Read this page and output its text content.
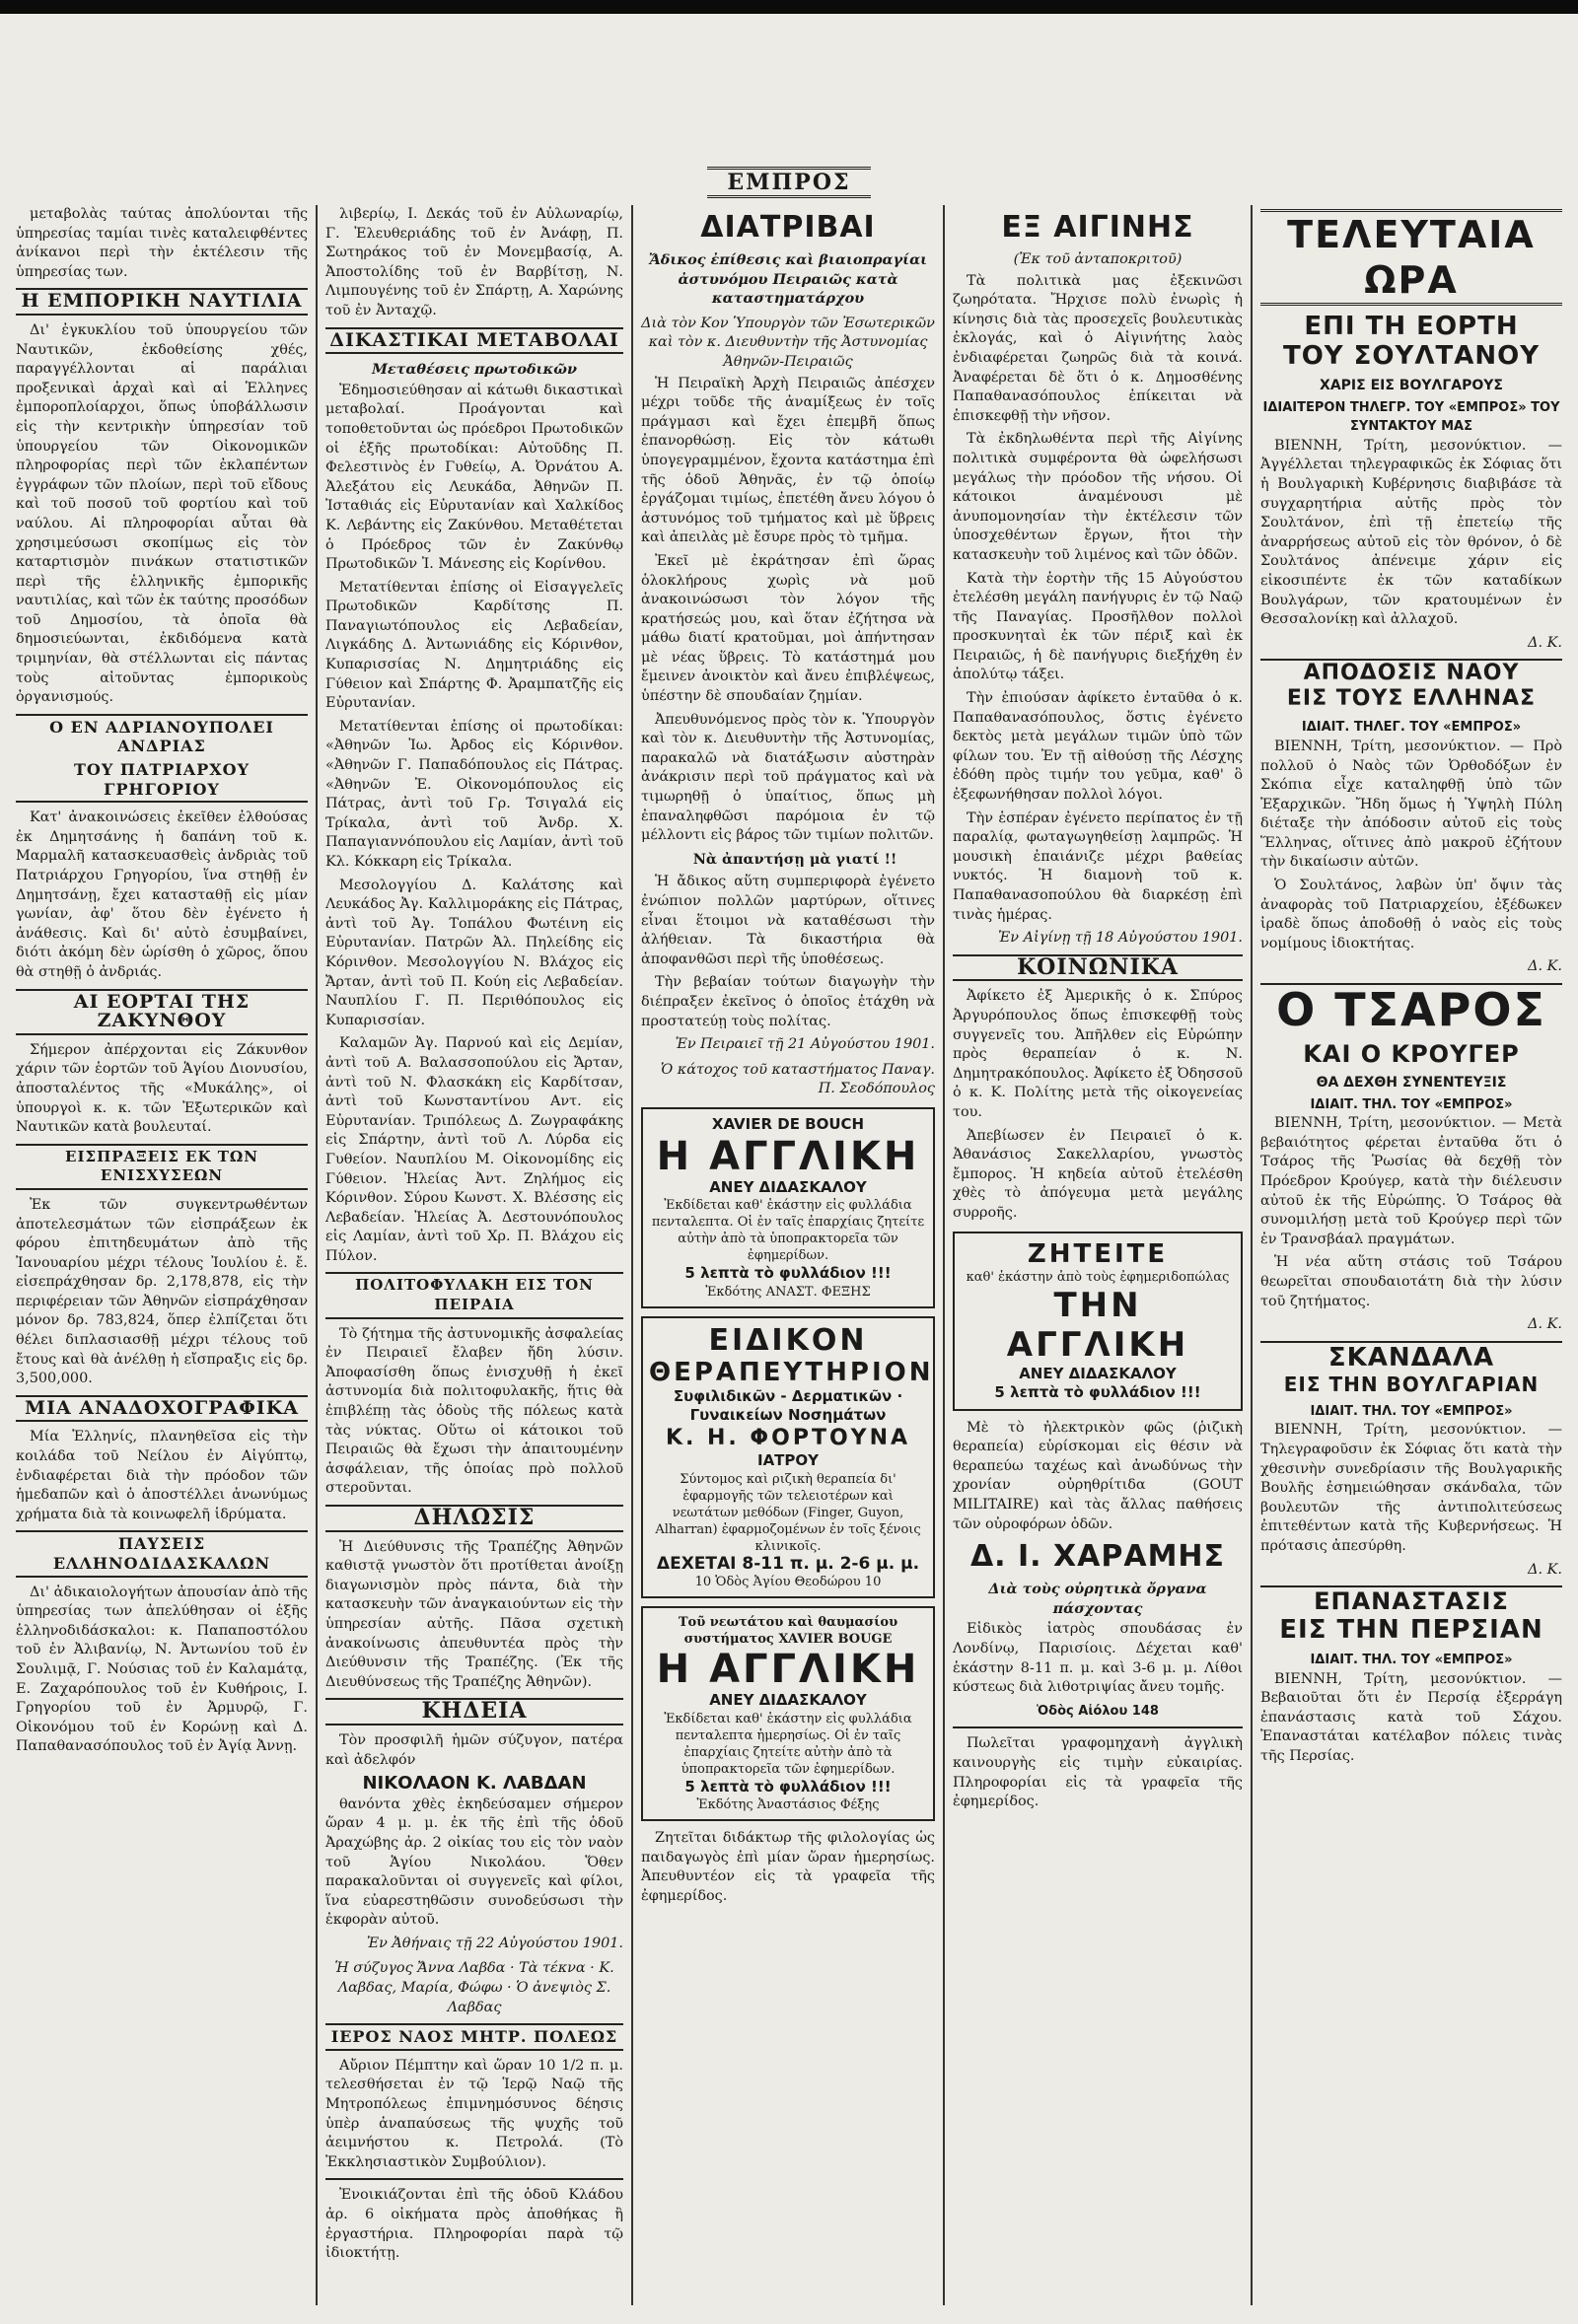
ΕΜΠΡΟΣ

μεταβολὰς ταύτας ἀπολύονται τῆς ὑπηρεσίας ταμίαι τινὲς καταλειφθέντες ἀνίκανοι περὶ τὴν ἐκτέλεσιν τῆς ὑπηρεσίας των.

Η ΕΜΠΟΡΙΚΗ ΝΑΥΤΙΛΙΑ

Δι' ἐγκυκλίου τοῦ ὑπουργείου τῶν Ναυτικῶν, ἐκδοθείσης χθές, παραγγέλλονται αἱ παράλιαι προξενικαὶ ἀρχαὶ καὶ αἱ Ἑλληνες ἐμποροπλοίαρχοι, ὅπως ὑποβάλλωσιν εἰς τὴν κεντρικὴν ὑπηρεσίαν τοῦ ὑπουργείου τῶν Οἰκονομικῶν πληροφορίας περὶ τῶν ἐκλαπέντων ἐγγράφων τῶν πλοίων, περὶ τοῦ εἴδους καὶ τοῦ ποσοῦ τοῦ φορτίου καὶ τοῦ ναύλου. Αἱ πληροφορίαι αὗται θὰ χρησιμεύσωσι σκοπίμως εἰς τὸν καταρτισμὸν πινάκων στατιστικῶν περὶ τῆς ἑλληνικῆς ἐμπορικῆς ναυτιλίας, καὶ τῶν ἐκ ταύτης προσόδων τοῦ Δημοσίου, τὰ ὁποῖα θὰ δημοσιεύωνται, ἐκδιδόμενα κατὰ τριμηνίαν, θὰ στέλλωνται εἰς πάντας τοὺς αἰτοῦντας ἐμπορικοὺς ὀργανισμούς.

Ο ΕΝ ΑΔΡΙΑΝΟΥΠΟΛΕΙ ΑΝΔΡΙΑΣ
ΤΟΥ ΠΑΤΡΙΑΡΧΟΥ ΓΡΗΓΟΡΙΟΥ

Κατ' ἀνακοινώσεις ἐκεῖθεν ἐλθούσας ἐκ Δημητσάνης ἡ δαπάνη τοῦ κ. Μαρμαλῆ κατασκευασθεὶς ἀνδριὰς τοῦ Πατριάρχου Γρηγορίου, ἵνα στηθῇ ἐν Δημητσάνῃ, ἔχει κατασταθῇ εἰς μίαν γωνίαν, ἀφ' ὅτου δὲν ἐγένετο ἡ ἀνάθεσις. Καὶ δι' αὐτὸ ἐσυμβαίνει, διότι ἀκόμη δὲν ὡρίσθη ὁ χῶρος, ὅπου θὰ στηθῇ ὁ ἀνδριάς.

ΑΙ ΕΟΡΤΑΙ ΤΗΣ ΖΑΚΥΝΘΟΥ

Σήμερον ἀπέρχονται εἰς Ζάκυνθον χάριν τῶν ἑορτῶν τοῦ Ἁγίου Διονυσίου, ἀποσταλέντος τῆς «Μυκάλης», οἱ ὑπουργοὶ κ. κ. τῶν Ἐξωτερικῶν καὶ Ναυτικῶν κατὰ βουλευταί.

ΕΙΣΠΡΑΞΕΙΣ ΕΚ ΤΩΝ ΕΝΙΣΧΥΣΕΩΝ

Ἐκ τῶν συγκεντρωθέντων ἀποτελεσμάτων τῶν εἰσπράξεων ἐκ φόρου ἐπιτηδευμάτων ἀπὸ τῆς Ἰανουαρίου μέχρι τέλους Ἰουλίου ἐ. ἔ. εἰσεπράχθησαν δρ. 2,178,878, εἰς τὴν περιφέρειαν τῶν Ἀθηνῶν εἰσπράχθησαν μόνον δρ. 783,824, ὅπερ ἐλπίζεται ὅτι θέλει διπλασιασθῇ μέχρι τέλους τοῦ ἔτους καὶ θὰ ἀνέλθῃ ἡ εἴσπραξις εἰς δρ. 3,500,000.

ΜΙΑ ΑΝΑΔΟΧΟΓΡΑΦΙΚΑ

Μία Ἑλληνίς, πλανηθεῖσα εἰς τὴν κοιλάδα τοῦ Νείλου ἐν Αἰγύπτῳ, ἐνδιαφέρεται διὰ τὴν πρόοδον τῶν ἡμεδαπῶν καὶ ὁ ἀποστέλλει ἀνωνύμως χρήματα διὰ τὰ κοινωφελῆ ἱδρύματα.

ΠΑΥΣΕΙΣ ΕΛΛΗΝΟΔΙΔΑΣΚΑΛΩΝ

Δι' ἀδικαιολογήτων ἀπουσίαν ἀπὸ τῆς ὑπηρεσίας των ἀπελύθησαν οἱ ἑξῆς ἑλληνοδιδάσκαλοι: κ. Παπαποστόλου τοῦ ἐν Ἀλιβανίῳ, Ν. Ἀντωνίου τοῦ ἐν Σουλιμᾷ, Γ. Νούσιας τοῦ ἐν Καλαμάτᾳ, Ε. Ζαχαρόπουλος τοῦ ἐν Κυθήροις, Ι. Γρηγορίου τοῦ ἐν Ἀρμυρῷ, Γ. Οἰκονόμου τοῦ ἐν Κορώνῃ καὶ Δ. Παπαθανασόπουλος τοῦ ἐν Ἀγίᾳ Ἀννῃ.

λιβερίῳ, Ι. Δεκάς τοῦ ἐν Αὐλωναρίῳ, Γ. Ἐλευθεριάδης τοῦ ἐν Ἀνάφῃ, Π. Σωτηράκος τοῦ ἐν Μονεμβασίᾳ, Α. Ἀποστολίδης τοῦ ἐν Βαρβίτσῃ, Ν. Λιμπουγένης τοῦ ἐν Σπάρτῃ, Α. Χαρώνης τοῦ ἐν Ἀνταχῷ.

ΔΙΚΑΣΤΙΚΑΙ ΜΕΤΑΒΟΛΑΙ
Μεταθέσεις πρωτοδικῶν

Ἐδημοσιεύθησαν αἱ κάτωθι δικαστικαὶ μεταβολαί. Προάγονται καὶ τοποθετοῦνται ὡς πρόεδροι Πρωτοδικῶν οἱ ἑξῆς πρωτοδίκαι: Αὐτοῦδης Π. Φελεστινὸς ἐν Γυθείῳ, Α. Ὀρνάτου Α. Ἀλεξάτου εἰς Λευκάδα, Ἀθηνῶν Π. Ἰσταθιάς εἰς Εὐρυτανίαν καὶ Χαλκίδος Κ. Λεβάντης εἰς Ζακύνθου. Μεταθέτεται ὁ Πρόεδρος τῶν ἐν Ζακύνθῳ Πρωτοδικῶν Ἰ. Μάνεσης εἰς Κορίνθου.

Μετατίθενται ἐπίσης οἱ Εἰσαγγελεῖς Πρωτοδικῶν Καρδίτσης Π. Παναγιωτόπουλος εἰς Λεβαδείαν, Λιγκάδης Δ. Ἀντωνιάδης εἰς Κόρινθον, Κυπαρισσίας Ν. Δημητριάδης εἰς Γύθειον καὶ Σπάρτης Φ. Ἀραμπατζῆς εἰς Εὐρυτανίαν.

Μετατίθενται ἐπίσης οἱ πρωτοδίκαι: «Ἀθηνῶν Ἰω. Ἀρδος εἰς Κόρινθον. «Ἀθηνῶν Γ. Παπαδόπουλος εἰς Πάτρας. «Ἀθηνῶν Ἐ. Οἰκονομόπουλος εἰς Πάτρας, ἀντὶ τοῦ Γρ. Τσιγαλά εἰς Τρίκαλα, ἀντὶ τοῦ Ἀνδρ. Χ. Παπαγιαννόπουλου εἰς Λαμίαν, ἀντὶ τοῦ Κλ. Κόκκαρη εἰς Τρίκαλα.

Μεσολογγίου Δ. Καλάτσης καὶ Λευκάδος Ἀγ. Καλλιμοράκης εἰς Πάτρας, ἀντὶ τοῦ Ἀγ. Τοπάλου Φωτέινη εἰς Εὐρυτανίαν. Πατρῶν Ἀλ. Πηλείδης εἰς Κόρινθον. Μεσολογγίου Ν. Βλάχος εἰς Ἄρταν, ἀντὶ τοῦ Π. Κούη εἰς Λεβαδείαν. Ναυπλίου Γ. Π. Περιθόπουλος εἰς Κυπαρισσίαν.

Καλαμῶν Ἀγ. Παρνού καὶ εἰς Δεμίαν, ἀντὶ τοῦ Α. Βαλασσοπούλου εἰς Ἄρταν, ἀντὶ τοῦ Ν. Φλασκάκη εἰς Καρδίτσαν, ἀντὶ τοῦ Κωνσταντίνου Αντ. εἰς Εὐρυτανίαν. Τριπόλεως Δ. Ζωγραφάκης εἰς Σπάρτην, ἀντὶ τοῦ Λ. Λύρδα εἰς Γυθείον. Ναυπλίου Μ. Οἰκονομίδης εἰς Γύθειον. Ἠλείας Ἀντ. Ζηλήμος εἰς Κόρινθον. Σύρου Κωνστ. Χ. Βλέσσης εἰς Λεβαδείαν. Ἠλείας Ἀ. Δεστουνόπουλος εἰς Λαμίαν, ἀντὶ τοῦ Χρ. Π. Βλάχου εἰς Πύλον.

ΠΟΛΙΤΟΦΥΛΑΚΗ ΕΙΣ ΤΟΝ ΠΕΙΡΑΙΑ

Τὸ ζήτημα τῆς ἀστυνομικῆς ἀσφαλείας ἐν Πειραιεῖ ἔλαβεν ἤδη λύσιν. Ἀποφασίσθη ὅπως ἐνισχυθῇ ἡ ἐκεῖ ἀστυνομία διὰ πολιτοφυλακῆς, ἥτις θὰ ἐπιβλέπῃ τὰς ὁδοὺς τῆς πόλεως κατὰ τὰς νύκτας. Οὕτω οἱ κάτοικοι τοῦ Πειραιῶς θὰ ἔχωσι τὴν ἀπαιτουμένην ἀσφάλειαν, τῆς ὁποίας πρὸ πολλοῦ στεροῦνται.

ΔΗΛΩΣΙΣ

Ἡ Διεύθυνσις τῆς Τραπέζης Ἀθηνῶν καθιστᾷ γνωστὸν ὅτι προτίθεται ἀνοίξῃ διαγωνισμὸν πρὸς πάντα, διὰ τὴν κατασκευὴν τῶν ἀναγκαιούντων εἰς τὴν ὑπηρεσίαν αὐτῆς. Πᾶσα σχετικὴ ἀνακοίνωσις ἀπευθυντέα πρὸς τὴν Διεύθυνσιν τῆς Τραπέζης. (Ἐκ τῆς Διευθύνσεως τῆς Τραπέζης Ἀθηνῶν).

ΚΗΔΕΙΑ

Τὸν προσφιλῆ ἡμῶν σύζυγον, πατέρα καὶ ἀδελφόν

ΝΙΚΟΛΑΟΝ Κ. ΛΑΒΔΑΝ

θανόντα χθὲς ἐκηδεύσαμεν σήμερον ὥραν 4 μ. μ. ἐκ τῆς ἐπὶ τῆς ὁδοῦ Ἀραχώβης ἀρ. 2 οἰκίας του εἰς τὸν ναὸν τοῦ Ἁγίου Νικολάου. Ὅθεν παρακαλοῦνται οἱ συγγενεῖς καὶ φίλοι, ἵνα εὐαρεστηθῶσιν συνοδεύσωσι τὴν ἐκφορὰν αὐτοῦ.

Ἐν Ἀθήναις τῇ 22 Αὐγούστου 1901.
Ἡ σύζυγος Ἄννα Λαβδα · Τὰ τέκνα · Κ. Λαβδας, Μαρία, Φώφω · Ὁ ἀνεψιὸς Σ. Λαβδας
ΙΕΡΟΣ ΝΑΟΣ ΜΗΤΡ. ΠΟΛΕΩΣ

Αὔριον Πέμπτην καὶ ὥραν 10 1/2 π. μ. τελεσθήσεται ἐν τῷ Ἱερῷ Ναῷ τῆς Μητροπόλεως ἐπιμνημόσυνος δέησις ὑπὲρ ἀναπαύσεως τῆς ψυχῆς τοῦ ἀειμνήστου κ. Πετρολά. (Τὸ Ἐκκλησιαστικὸν Συμβούλιον).

Ἐνοικιάζονται ἐπὶ τῆς ὁδοῦ Κλάδου ἀρ. 6 οἰκήματα πρὸς ἀποθήκας ἢ ἐργαστήρια. Πληροφορίαι παρὰ τῷ ἰδιοκτήτῃ.

ΔΙΑΤΡΙΒΑΙ
Ἄδικος ἐπίθεσις καὶ βιαιοπραγίαι ἀστυνόμου Πειραιῶς κατὰ καταστηματάρχου
Διὰ τὸν Κον Ὑπουργὸν τῶν Ἐσωτερικῶν καὶ τὸν κ. Διευθυντὴν τῆς Ἀστυνομίας Ἀθηνῶν-Πειραιῶς

Ἡ Πειραϊκὴ Ἀρχὴ Πειραιῶς ἀπέσχεν μέχρι τοῦδε τῆς ἀναμίξεως ἐν τοῖς πράγμασι καὶ ἔχει ἐπεμβῆ ὅπως ἐπανορθώσῃ. Εἰς τὸν κάτωθι ὑπογεγραμμένον, ἔχοντα κατάστημα ἐπὶ τῆς ὁδοῦ Ἀθηνᾶς, ἐν τῷ ὁποίῳ ἐργάζομαι τιμίως, ἐπετέθη ἄνευ λόγου ὁ ἀστυνόμος τοῦ τμήματος καὶ μὲ ὕβρεις καὶ ἀπειλὰς μὲ ἔσυρε πρὸς τὸ τμῆμα.

Ἐκεῖ μὲ ἐκράτησαν ἐπὶ ὥρας ὁλοκλήρους χωρὶς νὰ μοῦ ἀνακοινώσωσι τὸν λόγον τῆς κρατήσεώς μου, καὶ ὅταν ἐζήτησα νὰ μάθω διατί κρατοῦμαι, μοὶ ἀπήντησαν μὲ νέας ὕβρεις. Τὸ κατάστημά μου ἔμεινεν ἀνοικτὸν καὶ ἄνευ ἐπιβλέψεως, ὑπέστην δὲ σπουδαίαν ζημίαν.

Ἀπευθυνόμενος πρὸς τὸν κ. Ὑπουργὸν καὶ τὸν κ. Διευθυντὴν τῆς Ἀστυνομίας, παρακαλῶ νὰ διατάξωσιν αὐστηρὰν ἀνάκρισιν περὶ τοῦ πράγματος καὶ νὰ τιμωρηθῇ ὁ ὑπαίτιος, ὅπως μὴ ἐπαναληφθῶσι παρόμοια ἐν τῷ μέλλοντι εἰς βάρος τῶν τιμίων πολιτῶν.

Νὰ ἀπαντήσῃ μὰ γιατί !!

Ἡ ἄδικος αὕτη συμπεριφορὰ ἐγένετο ἐνώπιον πολλῶν μαρτύρων, οἵτινες εἶναι ἕτοιμοι νὰ καταθέσωσι τὴν ἀλήθειαν. Τὰ δικαστήρια θὰ ἀποφανθῶσι περὶ τῆς ὑποθέσεως.

Τὴν βεβαίαν τούτων διαγωγὴν τὴν διέπραξεν ἐκεῖνος ὁ ὁποῖος ἐτάχθη νὰ προστατεύῃ τοὺς πολίτας.

Ἐν Πειραιεῖ τῇ 21 Αὐγούστου 1901.
Ὁ κάτοχος τοῦ καταστήματος Παναγ. Π. Σεοδόπουλος
XAVIER DE BOUCH
Η ΑΓΓΛΙΚΗ
ΑΝΕΥ ΔΙΔΑΣΚΑΛΟΥ
Ἐκδίδεται καθ' ἑκάστην εἰς φυλλάδια πενταλεπτα. Οἱ ἐν ταῖς ἐπαρχίαις ζητείτε αὐτὴν ἀπὸ τὰ ὑποπρακτορεῖα τῶν ἐφημερίδων.
5 λεπτὰ τὸ φυλλάδιον !!!
Ἐκδότης ΑΝΑΣΤ. ΦΕΞΗΣ
ΕΙΔΙΚΟΝ
ΘΕΡΑΠΕΥΤΗΡΙΟΝ
Συφιλιδικῶν - Δερματικῶν · Γυναικείων Νοσημάτων
Κ. Η. ΦΟΡΤΟΥΝΑ
ΙΑΤΡΟΥ
Σύντομος καὶ ριζικὴ θεραπεία δι' ἐφαρμογῆς τῶν τελειοτέρων καὶ νεωτάτων μεθόδων (Finger, Guyon, Alharran) ἐφαρμοζομένων ἐν τοῖς ξένοις κλινικοῖς.
ΔΕΧΕΤΑΙ 8-11 π. μ. 2-6 μ. μ.
10 Ὁδὸς Ἀγίου Θεοδώρου 10
Τοῦ νεωτάτου καὶ θαυμασίου συστήματος XAVIER BOUGE
Η ΑΓΓΛΙΚΗ
ΑΝΕΥ ΔΙΔΑΣΚΑΛΟΥ
Ἐκδίδεται καθ' ἑκάστην εἰς φυλλάδια πενταλεπτα ἡμερησίως. Οἱ ἐν ταῖς ἐπαρχίαις ζητείτε αὐτὴν ἀπὸ τὰ ὑποπρακτορεῖα τῶν ἐφημερίδων.
5 λεπτὰ τὸ φυλλάδιον !!!
Ἐκδότης Ἀναστάσιος Φέξης

Ζητεῖται διδάκτωρ τῆς φιλολογίας ὡς παιδαγωγὸς ἐπὶ μίαν ὥραν ἡμερησίως. Ἀπευθυντέον εἰς τὰ γραφεῖα τῆς ἐφημερίδος.

ΕΞ ΑΙΓΙΝΗΣ
(Ἐκ τοῦ ἀνταποκριτοῦ)

Τὰ πολιτικὰ μας ἐξεκινῶσι ζωηρότατα. Ἤρχισε πολὺ ἐνωρὶς ἡ κίνησις διὰ τὰς προσεχεῖς βουλευτικὰς ἐκλογάς, καὶ ὁ Αἰγινήτης λαὸς ἐνδιαφέρεται ζωηρῶς διὰ τὰ κοινά. Ἀναφέρεται δὲ ὅτι ὁ κ. Δημοσθένης Παπαθανασόπουλος ἐπίκειται νὰ ἐπισκεφθῇ τὴν νῆσον.

Τὰ ἐκδηλωθέντα περὶ τῆς Αἰγίνης πολιτικὰ συμφέροντα θὰ ὠφελήσωσι μεγάλως τὴν πρόοδον τῆς νήσου. Οἱ κάτοικοι ἀναμένουσι μὲ ἀνυπομονησίαν τὴν ἐκτέλεσιν τῶν ὑποσχεθέντων ἔργων, ἤτοι τὴν κατασκευὴν τοῦ λιμένος καὶ τῶν ὁδῶν.

Κατὰ τὴν ἑορτὴν τῆς 15 Αὐγούστου ἐτελέσθη μεγάλη πανήγυρις ἐν τῷ Ναῷ τῆς Παναγίας. Προσῆλθον πολλοὶ προσκυνηταὶ ἐκ τῶν πέριξ καὶ ἐκ Πειραιῶς, ἡ δὲ πανήγυρις διεξήχθη ἐν ἀπολύτῳ τάξει.

Τὴν ἐπιούσαν ἀφίκετο ἐνταῦθα ὁ κ. Παπαθανασόπουλος, ὅστις ἐγένετο δεκτὸς μετὰ μεγάλων τιμῶν ὑπὸ τῶν φίλων του. Ἐν τῇ αἰθούσῃ τῆς Λέσχης ἐδόθη πρὸς τιμήν του γεῦμα, καθ' ὃ ἐξεφωνήθησαν πολλοὶ λόγοι.

Τὴν ἑσπέραν ἐγένετο περίπατος ἐν τῇ παραλίᾳ, φωταγωγηθείσῃ λαμπρῶς. Ἡ μουσικὴ ἐπαιάνιζε μέχρι βαθείας νυκτός. Ἡ διαμονὴ τοῦ κ. Παπαθανασοπούλου θὰ διαρκέσῃ ἐπὶ τινὰς ἡμέρας.

Ἐν Αἰγίνῃ τῇ 18 Αὐγούστου 1901.
ΚΟΙΝΩΝΙΚΑ

Ἀφίκετο ἐξ Ἀμερικῆς ὁ κ. Σπύρος Ἀργυρόπουλος ὅπως ἐπισκεφθῇ τοὺς συγγενεῖς του. Ἀπῆλθεν εἰς Εὐρώπην πρὸς θεραπείαν ὁ κ. Ν. Δημητρακόπουλος. Ἀφίκετο ἐξ Ὀδησσοῦ ὁ κ. Κ. Πολίτης μετὰ τῆς οἰκογενείας του.

Ἀπεβίωσεν ἐν Πειραιεῖ ὁ κ. Ἀθανάσιος Σακελλαρίου, γνωστὸς ἔμπορος. Ἡ κηδεία αὐτοῦ ἐτελέσθη χθὲς τὸ ἀπόγευμα μετὰ μεγάλης συρροῆς.

ΖΗΤΕΙΤΕ
καθ' ἑκάστην ἀπὸ τοὺς ἐφημεριδοπώλας
ΤΗΝ ΑΓΓΛΙΚΗ
ΑΝΕΥ ΔΙΔΑΣΚΑΛΟΥ
5 λεπτὰ τὸ φυλλάδιον !!!

Μὲ τὸ ἠλεκτρικὸν φῶς (ῥιζικὴ θεραπεία) εὑρίσκομαι εἰς θέσιν νὰ θεραπεύω ταχέως καὶ ἀνωδύνως τὴν χρονίαν οὐρηθρίτιδα (GOUT MILITAIRE) καὶ τὰς ἄλλας παθήσεις τῶν οὐροφόρων ὁδῶν.

Δ. Ι. ΧΑΡΑΜΗΣ
Διὰ τοὺς οὐρητικὰ ὄργανα πάσχοντας

Εἰδικὸς ἰατρὸς σπουδάσας ἐν Λονδίνῳ, Παρισίοις. Δέχεται καθ' ἑκάστην 8-11 π. μ. καὶ 3-6 μ. μ. Λίθοι κύστεως διὰ λιθοτριψίας ἄνευ τομῆς.

Ὁδὸς Αἰόλου 148

Πωλεῖται γραφομηχανὴ ἀγγλικὴ καινουργὴς εἰς τιμὴν εὐκαιρίας. Πληροφορίαι εἰς τὰ γραφεῖα τῆς ἐφημερίδος.

ΤΕΛΕΥΤΑΙΑ ΩΡΑ
ΕΠΙ ΤΗ ΕΟΡΤΗ
ΤΟΥ ΣΟΥΛΤΑΝΟΥ
ΧΑΡΙΣ ΕΙΣ ΒΟΥΛΓΑΡΟΥΣ
ΙΔΙΑΙΤΕΡΟΝ ΤΗΛΕΓΡ. ΤΟΥ «ΕΜΠΡΟΣ» ΤΟΥ ΣΥΝΤΑΚΤΟΥ ΜΑΣ

ΒΙΕΝΝΗ, Τρίτη, μεσονύκτιον. — Ἀγγέλλεται τηλεγραφικῶς ἐκ Σόφιας ὅτι ἡ Βουλγαρικὴ Κυβέρνησις διαβιβάσε τὰ συγχαρητήρια αὐτῆς πρὸς τὸν Σουλτάνον, ἐπὶ τῇ ἐπετείῳ τῆς ἀναρρήσεως αὐτοῦ εἰς τὸν θρόνον, ὁ δὲ Σουλτάνος ἀπένειμε χάριν εἰς εἰκοσιπέντε ἐκ τῶν καταδίκων Βουλγάρων, τῶν κρατουμένων ἐν Θεσσαλονίκῃ καὶ ἀλλαχοῦ.

Δ. Κ.
ΑΠΟΔΟΣΙΣ ΝΑΟΥ
ΕΙΣ ΤΟΥΣ ΕΛΛΗΝΑΣ
ΙΔΙΑΙΤ. ΤΗΛΕΓ. ΤΟΥ «ΕΜΠΡΟΣ»

ΒΙΕΝΝΗ, Τρίτη, μεσονύκτιον. — Πρὸ πολλοῦ ὁ Ναὸς τῶν Ὀρθοδόξων ἐν Σκόπια εἶχε καταληφθῇ ὑπὸ τῶν Ἐξαρχικῶν. Ἤδη ὅμως ἡ Ὑψηλὴ Πύλη διέταξε τὴν ἀπόδοσιν αὐτοῦ εἰς τοὺς Ἕλληνας, οἵτινες ἀπὸ μακροῦ ἐζήτουν τὴν δικαίωσιν αὐτῶν.

Ὁ Σουλτάνος, λαβὼν ὑπ' ὄψιν τὰς ἀναφορὰς τοῦ Πατριαρχείου, ἐξέδωκεν ἰραδὲ ὅπως ἀποδοθῇ ὁ ναὸς εἰς τοὺς νομίμους ἰδιοκτήτας.

Δ. Κ.
Ο ΤΣΑΡΟΣ
ΚΑΙ Ο ΚΡΟΥΓΕΡ
ΘΑ ΔΕΧΘΗ ΣΥΝΕΝΤΕΥΞΙΣ
ΙΔΙΑΙΤ. ΤΗΛ. ΤΟΥ «ΕΜΠΡΟΣ»

ΒΙΕΝΝΗ, Τρίτη, μεσονύκτιον. — Μετὰ βεβαιότητος φέρεται ἐνταῦθα ὅτι ὁ Τσάρος τῆς Ῥωσίας θὰ δεχθῇ τὸν Πρόεδρον Κρούγερ, κατὰ τὴν διέλευσιν αὐτοῦ ἐκ τῆς Εὐρώπης. Ὁ Τσάρος θὰ συνομιλήσῃ μετὰ τοῦ Κρούγερ περὶ τῶν ἐν Τρανσβάαλ πραγμάτων.

Ἡ νέα αὕτη στάσις τοῦ Τσάρου θεωρεῖται σπουδαιοτάτη διὰ τὴν λύσιν τοῦ ζητήματος.

Δ. Κ.
ΣΚΑΝΔΑΛΑ
ΕΙΣ ΤΗΝ ΒΟΥΛΓΑΡΙΑΝ
ΙΔΙΑΙΤ. ΤΗΛ. ΤΟΥ «ΕΜΠΡΟΣ»

ΒΙΕΝΝΗ, Τρίτη, μεσονύκτιον. — Τηλεγραφοῦσιν ἐκ Σόφιας ὅτι κατὰ τὴν χθεσινὴν συνεδρίασιν τῆς Βουλγαρικῆς Βουλῆς ἐσημειώθησαν σκάνδαλα, τῶν βουλευτῶν τῆς ἀντιπολιτεύσεως ἐπιτεθέντων κατὰ τῆς Κυβερνήσεως. Ἡ πρότασις ἀπεσύρθη.

Δ. Κ.
ΕΠΑΝΑΣΤΑΣΙΣ
ΕΙΣ ΤΗΝ ΠΕΡΣΙΑΝ
ΙΔΙΑΙΤ. ΤΗΛ. ΤΟΥ «ΕΜΠΡΟΣ»

ΒΙΕΝΝΗ, Τρίτη, μεσονύκτιον. — Βεβαιοῦται ὅτι ἐν Περσίᾳ ἐξερράγη ἐπανάστασις κατὰ τοῦ Σάχου. Ἐπαναστάται κατέλαβον πόλεις τινὰς τῆς Περσίας.
